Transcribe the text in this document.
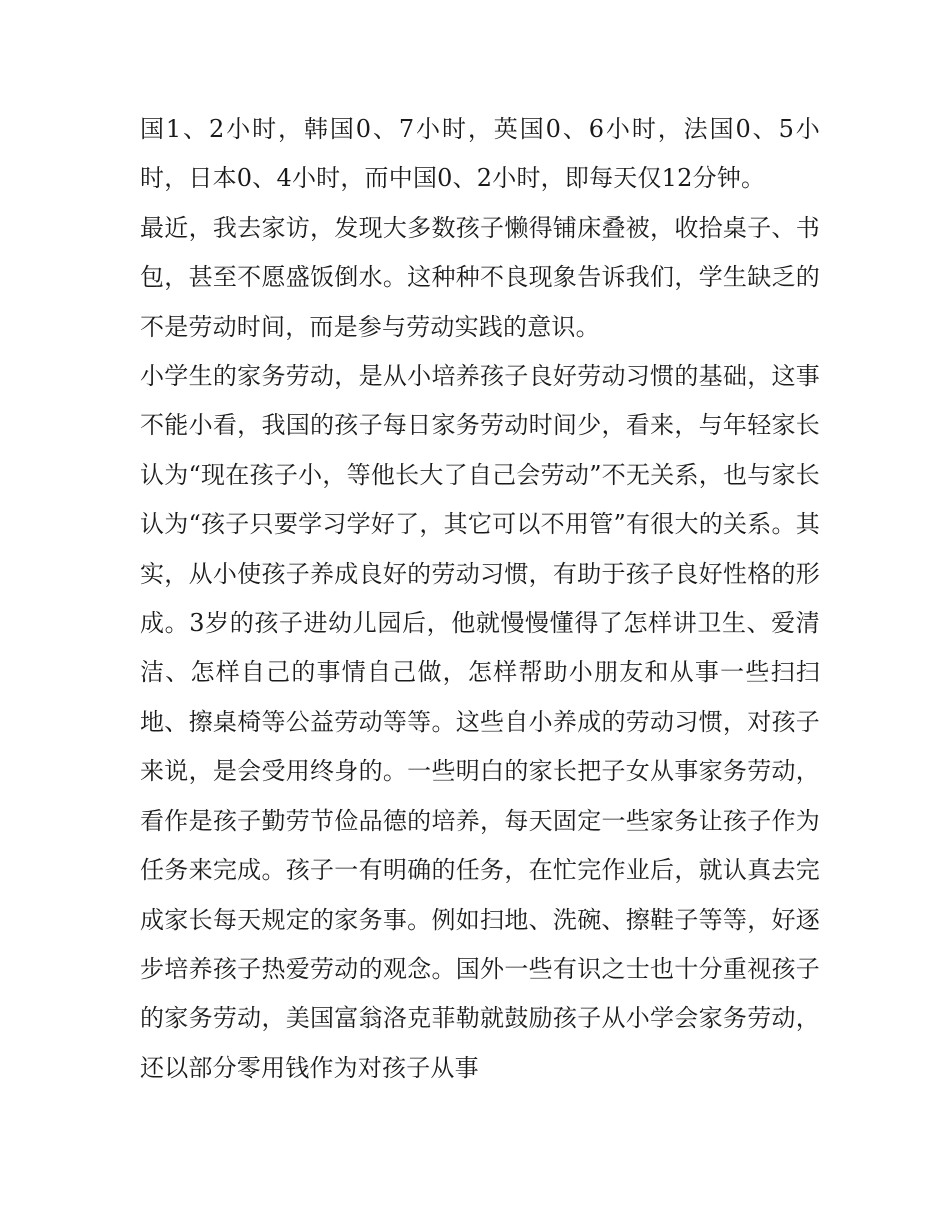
国1、2小时，韩国0、7小时，英国0、6小时，法国0、5小时，日本0、4小时，而中国0、2小时，即每天仅12分钟。

最近，我去家访，发现大多数孩子懒得铺床叠被，收拾桌子、书包，甚至不愿盛饭倒水。这种种不良现象告诉我们，学生缺乏的不是劳动时间，而是参与劳动实践的意识。

小学生的家务劳动，是从小培养孩子良好劳动习惯的基础，这事不能小看，我国的孩子每日家务劳动时间少，看来，与年轻家长认为“现在孩子小，等他长大了自己会劳动”不无关系，也与家长认为“孩子只要学习学好了，其它可以不用管”有很大的关系。其实，从小使孩子养成良好的劳动习惯，有助于孩子良好性格的形成。3岁的孩子进幼儿园后，他就慢慢懂得了怎样讲卫生、爱清洁、怎样自己的事情自己做，怎样帮助小朋友和从事一些扫扫地、擦桌椅等公益劳动等等。这些自小养成的劳动习惯，对孩子来说，是会受用终身的。一些明白的家长把子女从事家务劳动，看作是孩子勤劳节俭品德的培养，每天固定一些家务让孩子作为任务来完成。孩子一有明确的任务，在忙完作业后，就认真去完成家长每天规定的家务事。例如扫地、洗碗、擦鞋子等等，好逐步培养孩子热爱劳动的观念。国外一些有识之士也十分重视孩子的家务劳动，美国富翁洛克菲勒就鼓励孩子从小学会家务劳动，还以部分零用钱作为对孩子从事
